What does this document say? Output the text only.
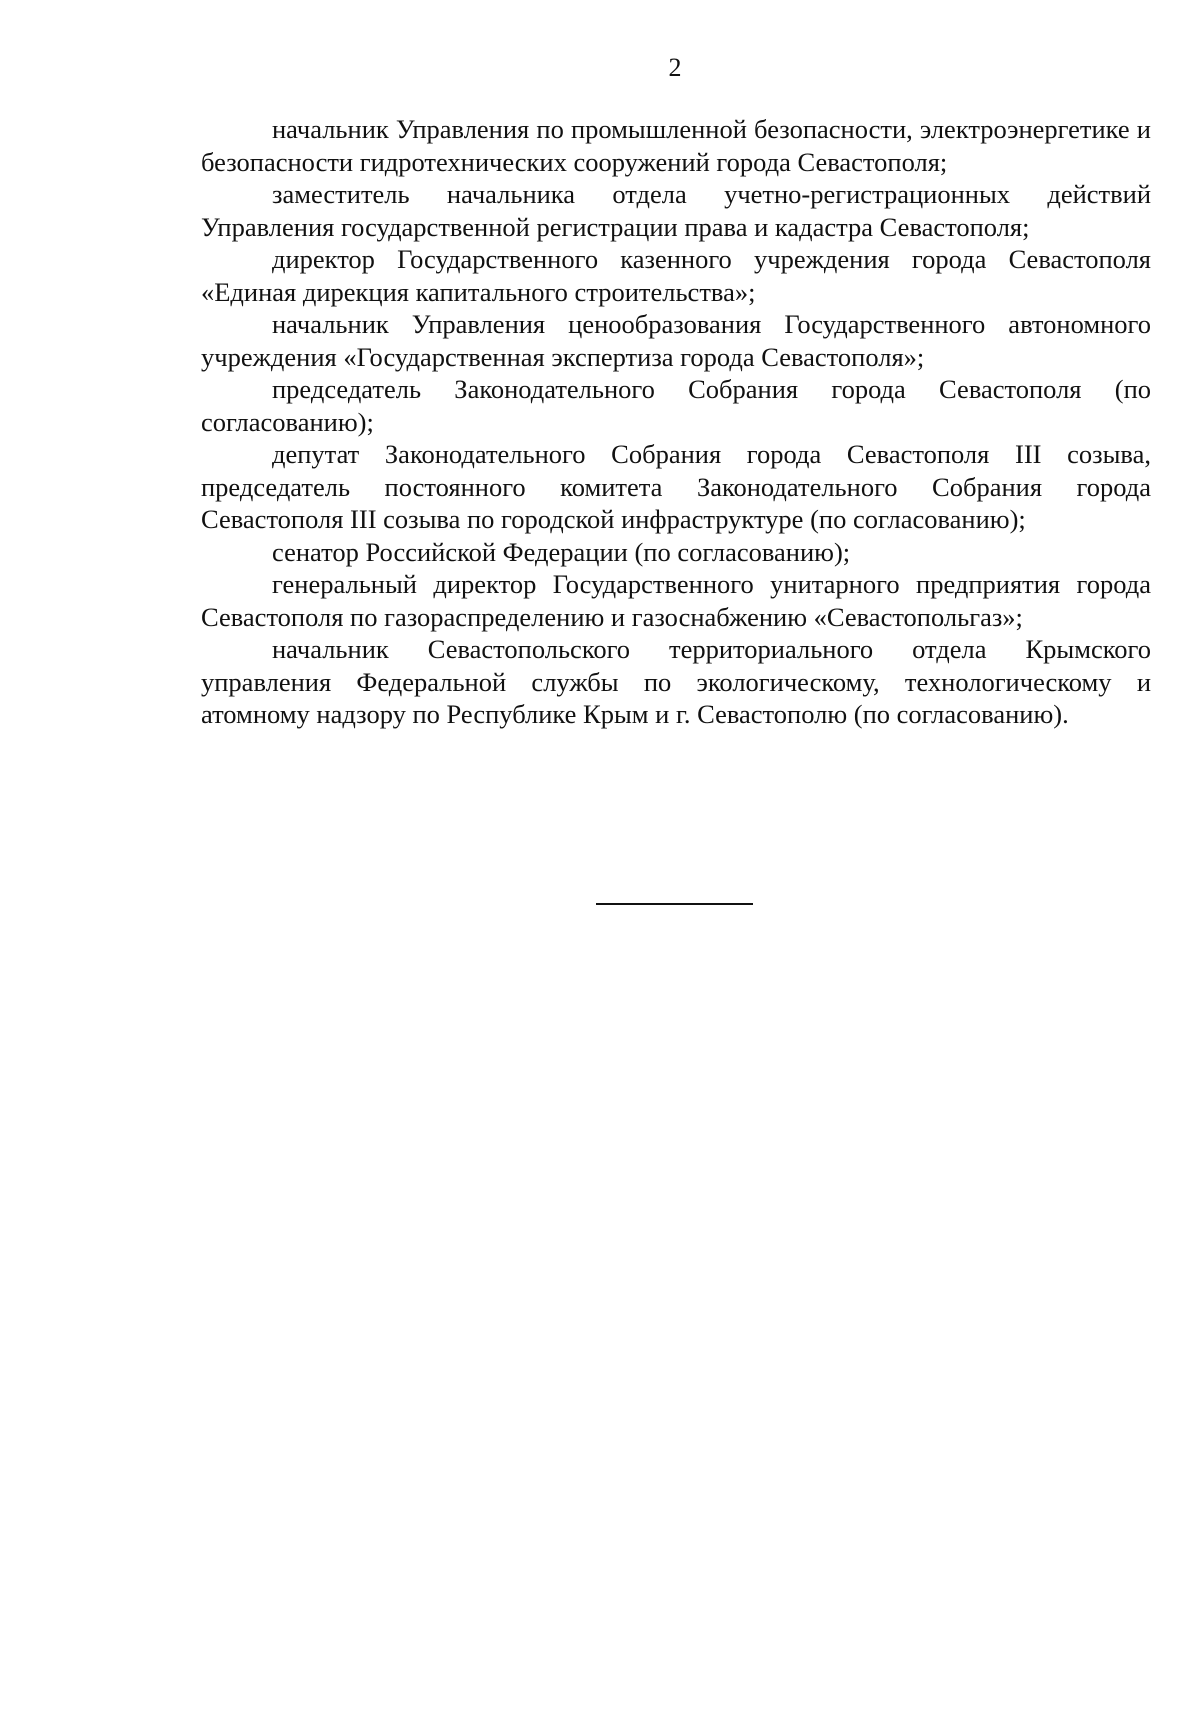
2

начальник Управления по промышленной безопасности, электроэнергетике и безопасности гидротехнических сооружений города Севастополя;

заместитель начальника отдела учетно-регистрационных действий Управления государственной регистрации права и кадастра Севастополя;

директор Государственного казенного учреждения города Севастополя «Единая дирекция капитального строительства»;

начальник Управления ценообразования Государственного автономного учреждения «Государственная экспертиза города Севастополя»;

председатель Законодательного Собрания города Севастополя (по согласованию);

депутат Законодательного Собрания города Севастополя III созыва, председатель постоянного комитета Законодательного Собрания города Севастополя III созыва по городской инфраструктуре (по согласованию);

сенатор Российской Федерации (по согласованию);

генеральный директор Государственного унитарного предприятия города Севастополя по газораспределению и газоснабжению «Севастопольгаз»;

начальник Севастопольского территориального отдела Крымского управления Федеральной службы по экологическому, технологическому и атомному надзору по Республике Крым и г. Севастополю (по согласованию).
